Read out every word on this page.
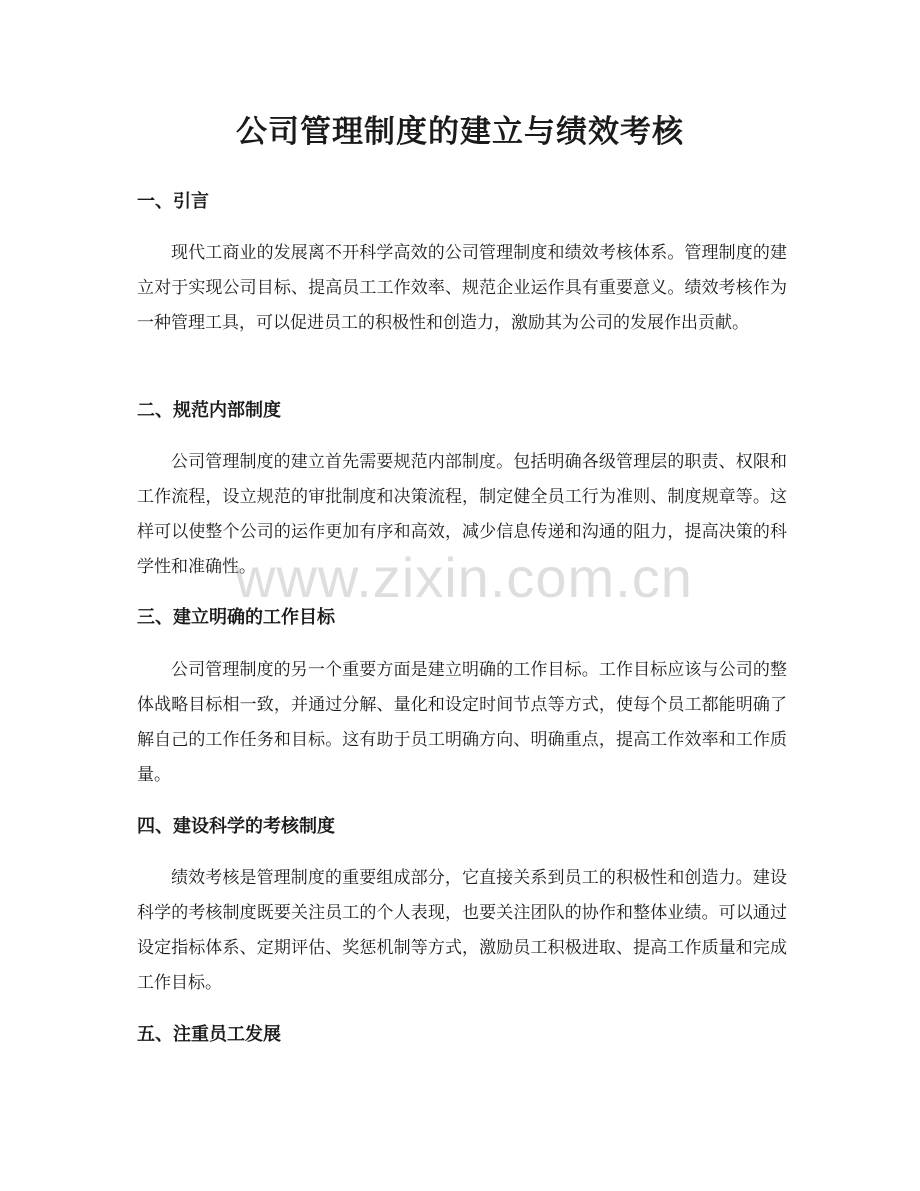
公司管理制度的建立与绩效考核
一、引言

现代工商业的发展离不开科学高效的公司管理制度和绩效考核体系。管理制度的建立对于实现公司目标、提高员工工作效率、规范企业运作具有重要意义。绩效考核作为一种管理工具，可以促进员工的积极性和创造力，激励其为公司的发展作出贡献。

二、规范内部制度

公司管理制度的建立首先需要规范内部制度。包括明确各级管理层的职责、权限和工作流程，设立规范的审批制度和决策流程，制定健全员工行为准则、制度规章等。这样可以使整个公司的运作更加有序和高效，减少信息传递和沟通的阻力，提高决策的科学性和准确性。

三、建立明确的工作目标

公司管理制度的另一个重要方面是建立明确的工作目标。工作目标应该与公司的整体战略目标相一致，并通过分解、量化和设定时间节点等方式，使每个员工都能明确了解自己的工作任务和目标。这有助于员工明确方向、明确重点，提高工作效率和工作质量。

四、建设科学的考核制度

绩效考核是管理制度的重要组成部分，它直接关系到员工的积极性和创造力。建设科学的考核制度既要关注员工的个人表现，也要关注团队的协作和整体业绩。可以通过设定指标体系、定期评估、奖惩机制等方式，激励员工积极进取、提高工作质量和完成工作目标。

五、注重员工发展
www.zixin.com.cn
